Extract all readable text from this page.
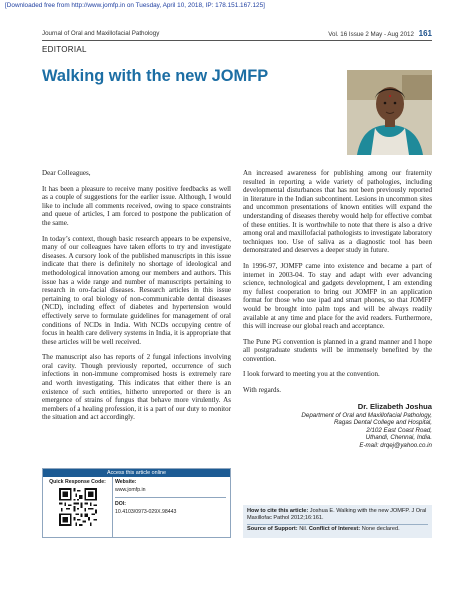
[Downloaded free from http://www.jomfp.in on Tuesday, April 10, 2018, IP: 178.151.167.125]
Journal of Oral and Maxillofacial Pathology	Vol. 16 Issue 2 May - Aug 2012 161
EDITORIAL
Walking with the new JOMFP

Dear Colleagues,

It has been a pleasure to receive many positive feedbacks as well as a couple of suggestions for the earlier issue. Although, I would like to include all comments received, owing to space constraints and queue of articles, I am forced to postpone the publication of the same.

In today’s context, though basic research appears to be expensive, many of our colleagues have taken efforts to try and investigate diseases. A cursory look of the published manuscripts in this issue indicate that there is definitely no shortage of ideological and methodological innovation among our members and authors. This issue has a wide range and number of manuscripts pertaining to research in oro-facial diseases. Research articles in this issue pertaining to oral biology of non-communicable dental diseases (NCD), including effect of diabetes and hypertension would effectively serve to formulate guidelines for management of oral conditions of NCDs in India. With NCDs occupying centre of focus in health care delivery systems in India, it is appropriate that these articles will be well received.

The manuscript also has reports of 2 fungal infections involving oral cavity. Though previously reported, occurrence of such infections in non-immune compromised hosts is extremely rare and worth investigating. This indicates that either there is an existence of such entities, hitherto unreported or there is an emergence of strains of fungus that behave more virulently. As members of a healing profession, it is a part of our duty to monitor the situation and act accordingly.

An increased awareness for publishing among our fraternity resulted in reporting a wide variety of pathologies, including developmental disturbances that has not been previously reported in literature in the Indian subcontinent. Lesions in uncommon sites and uncommon presentations of known entities will expand the understanding of diseases thereby would help for effective combat of these entities. It is worthwhile to note that there is also a drive among oral and maxillofacial pathologists to investigate laboratory techniques too. Use of saliva as a diagnostic tool has been demonstrated and deserves a deeper study in future.

In 1996-97, JOMFP came into existence and became a part of internet in 2003-04. To stay and adapt with ever advancing science, technological and gadgets development, I am extending my fullest cooperation to bring out JOMFP in an application format for those who use ipad and smart phones, so that JOMFP would be brought into palm tops and will be always readily available at any time and place for the avid readers. Furthermore, this will increase our global reach and acceptance.

The Pune PG convention is planned in a grand manner and I hope all postgraduate students will be immensely benefited by the convention.

I look forward to meeting you at the convention.

With regards.

Dr. Elizabeth Joshua
Department of Oral and Maxillofacial Pathology,
Ragas Dental College and Hospital,
2/102 East Coast Road,
Uthandi, Chennai, India.
E-mail: drqej@yahoo.co.in
Access this article online
Quick Response Code:	Website:
www.jomfp.in
DOI:
10.4103/0973-029X.98443	How to cite this article: Joshua E. Walking with the new JOMFP. J Oral Maxillofac Pathol 2012;16:161.
Source of Support: Nil. Conflict of Interest: None declared.
